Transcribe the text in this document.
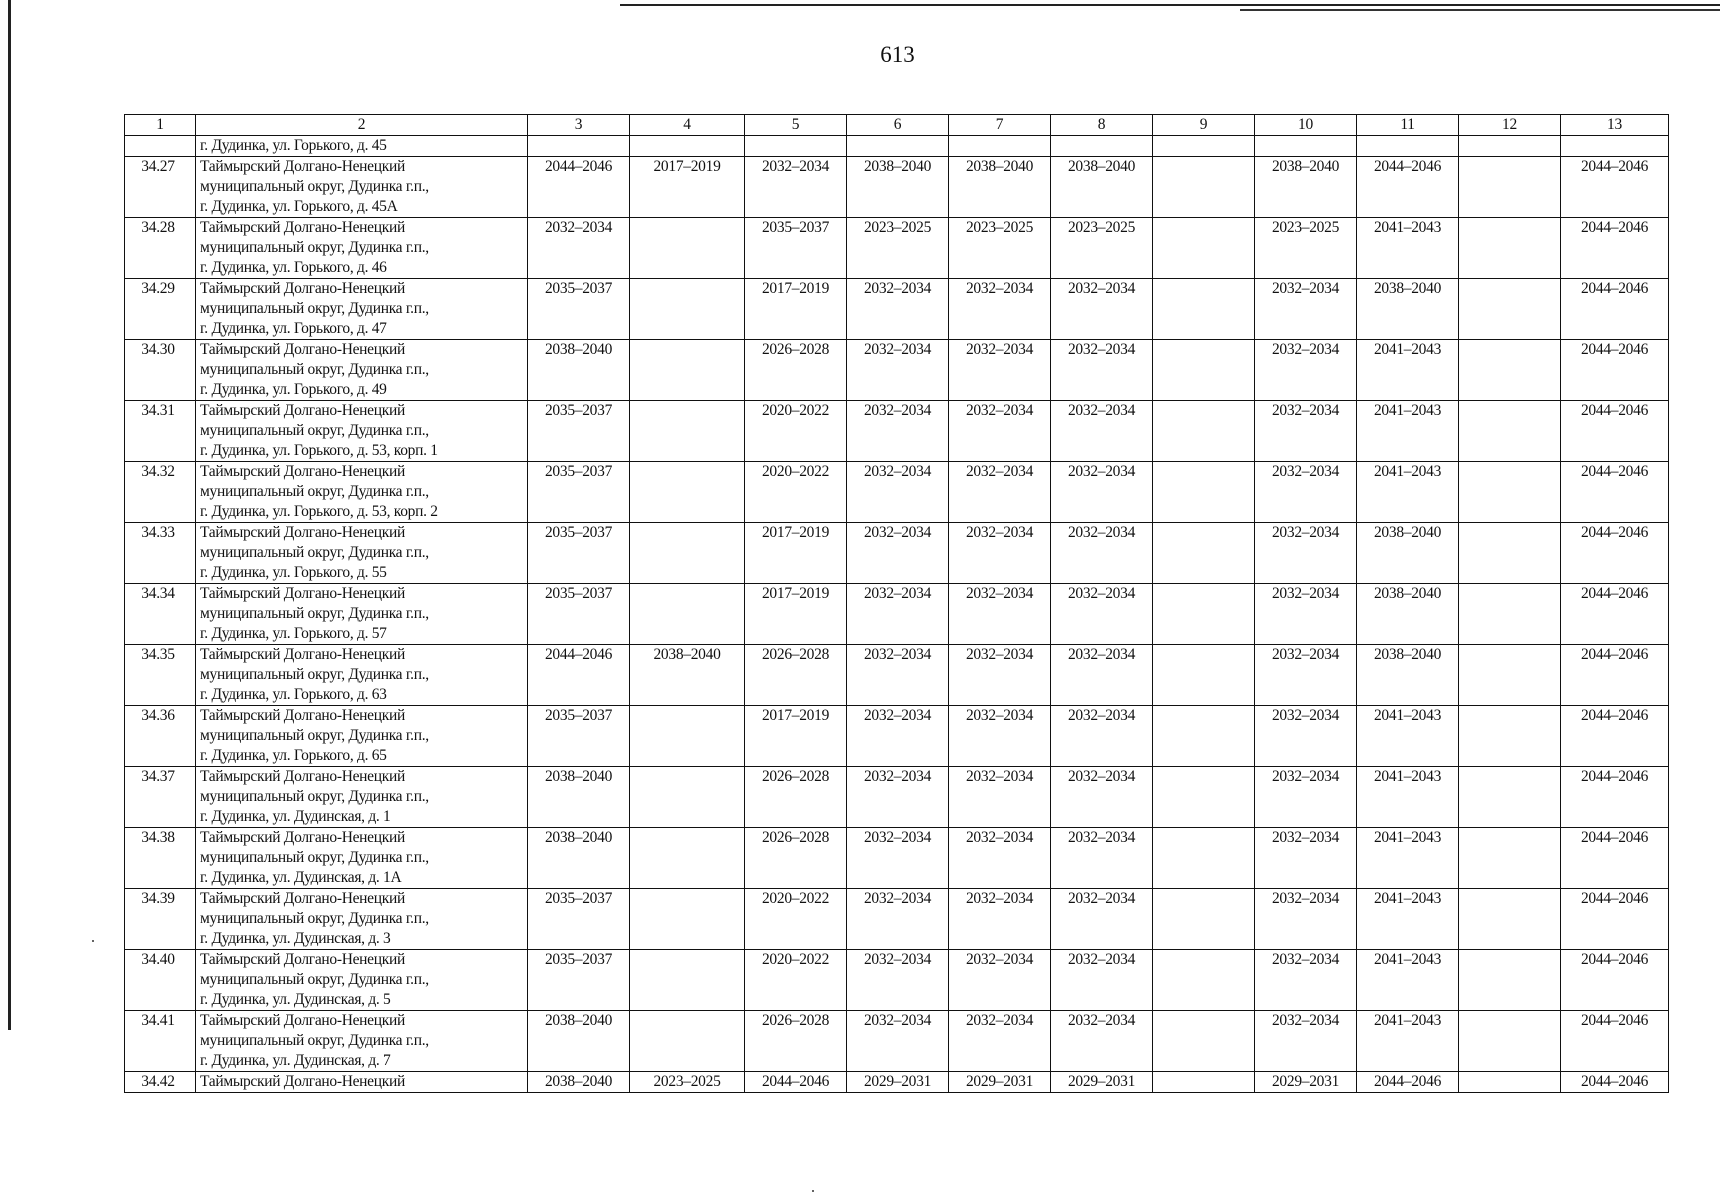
613
1	2	3	4	5	6	7	8	9	10	11	12	13
	г. Дудинка, ул. Горького, д. 45											
34.27	Таймырский Долгано-Ненецкий
муниципальный округ, Дудинка г.п.,
г. Дудинка, ул. Горького, д. 45А	2044–2046	2017–2019	2032–2034	2038–2040	2038–2040	2038–2040		2038–2040	2044–2046		2044–2046
34.28	Таймырский Долгано-Ненецкий
муниципальный округ, Дудинка г.п.,
г. Дудинка, ул. Горького, д. 46	2032–2034		2035–2037	2023–2025	2023–2025	2023–2025		2023–2025	2041–2043		2044–2046
34.29	Таймырский Долгано-Ненецкий
муниципальный округ, Дудинка г.п.,
г. Дудинка, ул. Горького, д. 47	2035–2037		2017–2019	2032–2034	2032–2034	2032–2034		2032–2034	2038–2040		2044–2046
34.30	Таймырский Долгано-Ненецкий
муниципальный округ, Дудинка г.п.,
г. Дудинка, ул. Горького, д. 49	2038–2040		2026–2028	2032–2034	2032–2034	2032–2034		2032–2034	2041–2043		2044–2046
34.31	Таймырский Долгано-Ненецкий
муниципальный округ, Дудинка г.п.,
г. Дудинка, ул. Горького, д. 53, корп. 1	2035–2037		2020–2022	2032–2034	2032–2034	2032–2034		2032–2034	2041–2043		2044–2046
34.32	Таймырский Долгано-Ненецкий
муниципальный округ, Дудинка г.п.,
г. Дудинка, ул. Горького, д. 53, корп. 2	2035–2037		2020–2022	2032–2034	2032–2034	2032–2034		2032–2034	2041–2043		2044–2046
34.33	Таймырский Долгано-Ненецкий
муниципальный округ, Дудинка г.п.,
г. Дудинка, ул. Горького, д. 55	2035–2037		2017–2019	2032–2034	2032–2034	2032–2034		2032–2034	2038–2040		2044–2046
34.34	Таймырский Долгано-Ненецкий
муниципальный округ, Дудинка г.п.,
г. Дудинка, ул. Горького, д. 57	2035–2037		2017–2019	2032–2034	2032–2034	2032–2034		2032–2034	2038–2040		2044–2046
34.35	Таймырский Долгано-Ненецкий
муниципальный округ, Дудинка г.п.,
г. Дудинка, ул. Горького, д. 63	2044–2046	2038–2040	2026–2028	2032–2034	2032–2034	2032–2034		2032–2034	2038–2040		2044–2046
34.36	Таймырский Долгано-Ненецкий
муниципальный округ, Дудинка г.п.,
г. Дудинка, ул. Горького, д. 65	2035–2037		2017–2019	2032–2034	2032–2034	2032–2034		2032–2034	2041–2043		2044–2046
34.37	Таймырский Долгано-Ненецкий
муниципальный округ, Дудинка г.п.,
г. Дудинка, ул. Дудинская, д. 1	2038–2040		2026–2028	2032–2034	2032–2034	2032–2034		2032–2034	2041–2043		2044–2046
34.38	Таймырский Долгано-Ненецкий
муниципальный округ, Дудинка г.п.,
г. Дудинка, ул. Дудинская, д. 1А	2038–2040		2026–2028	2032–2034	2032–2034	2032–2034		2032–2034	2041–2043		2044–2046
34.39	Таймырский Долгано-Ненецкий
муниципальный округ, Дудинка г.п.,
г. Дудинка, ул. Дудинская, д. 3	2035–2037		2020–2022	2032–2034	2032–2034	2032–2034		2032–2034	2041–2043		2044–2046
34.40	Таймырский Долгано-Ненецкий
муниципальный округ, Дудинка г.п.,
г. Дудинка, ул. Дудинская, д. 5	2035–2037		2020–2022	2032–2034	2032–2034	2032–2034		2032–2034	2041–2043		2044–2046
34.41	Таймырский Долгано-Ненецкий
муниципальный округ, Дудинка г.п.,
г. Дудинка, ул. Дудинская, д. 7	2038–2040		2026–2028	2032–2034	2032–2034	2032–2034		2032–2034	2041–2043		2044–2046
34.42	Таймырский Долгано-Ненецкий	2038–2040	2023–2025	2044–2046	2029–2031	2029–2031	2029–2031		2029–2031	2044–2046		2044–2046
